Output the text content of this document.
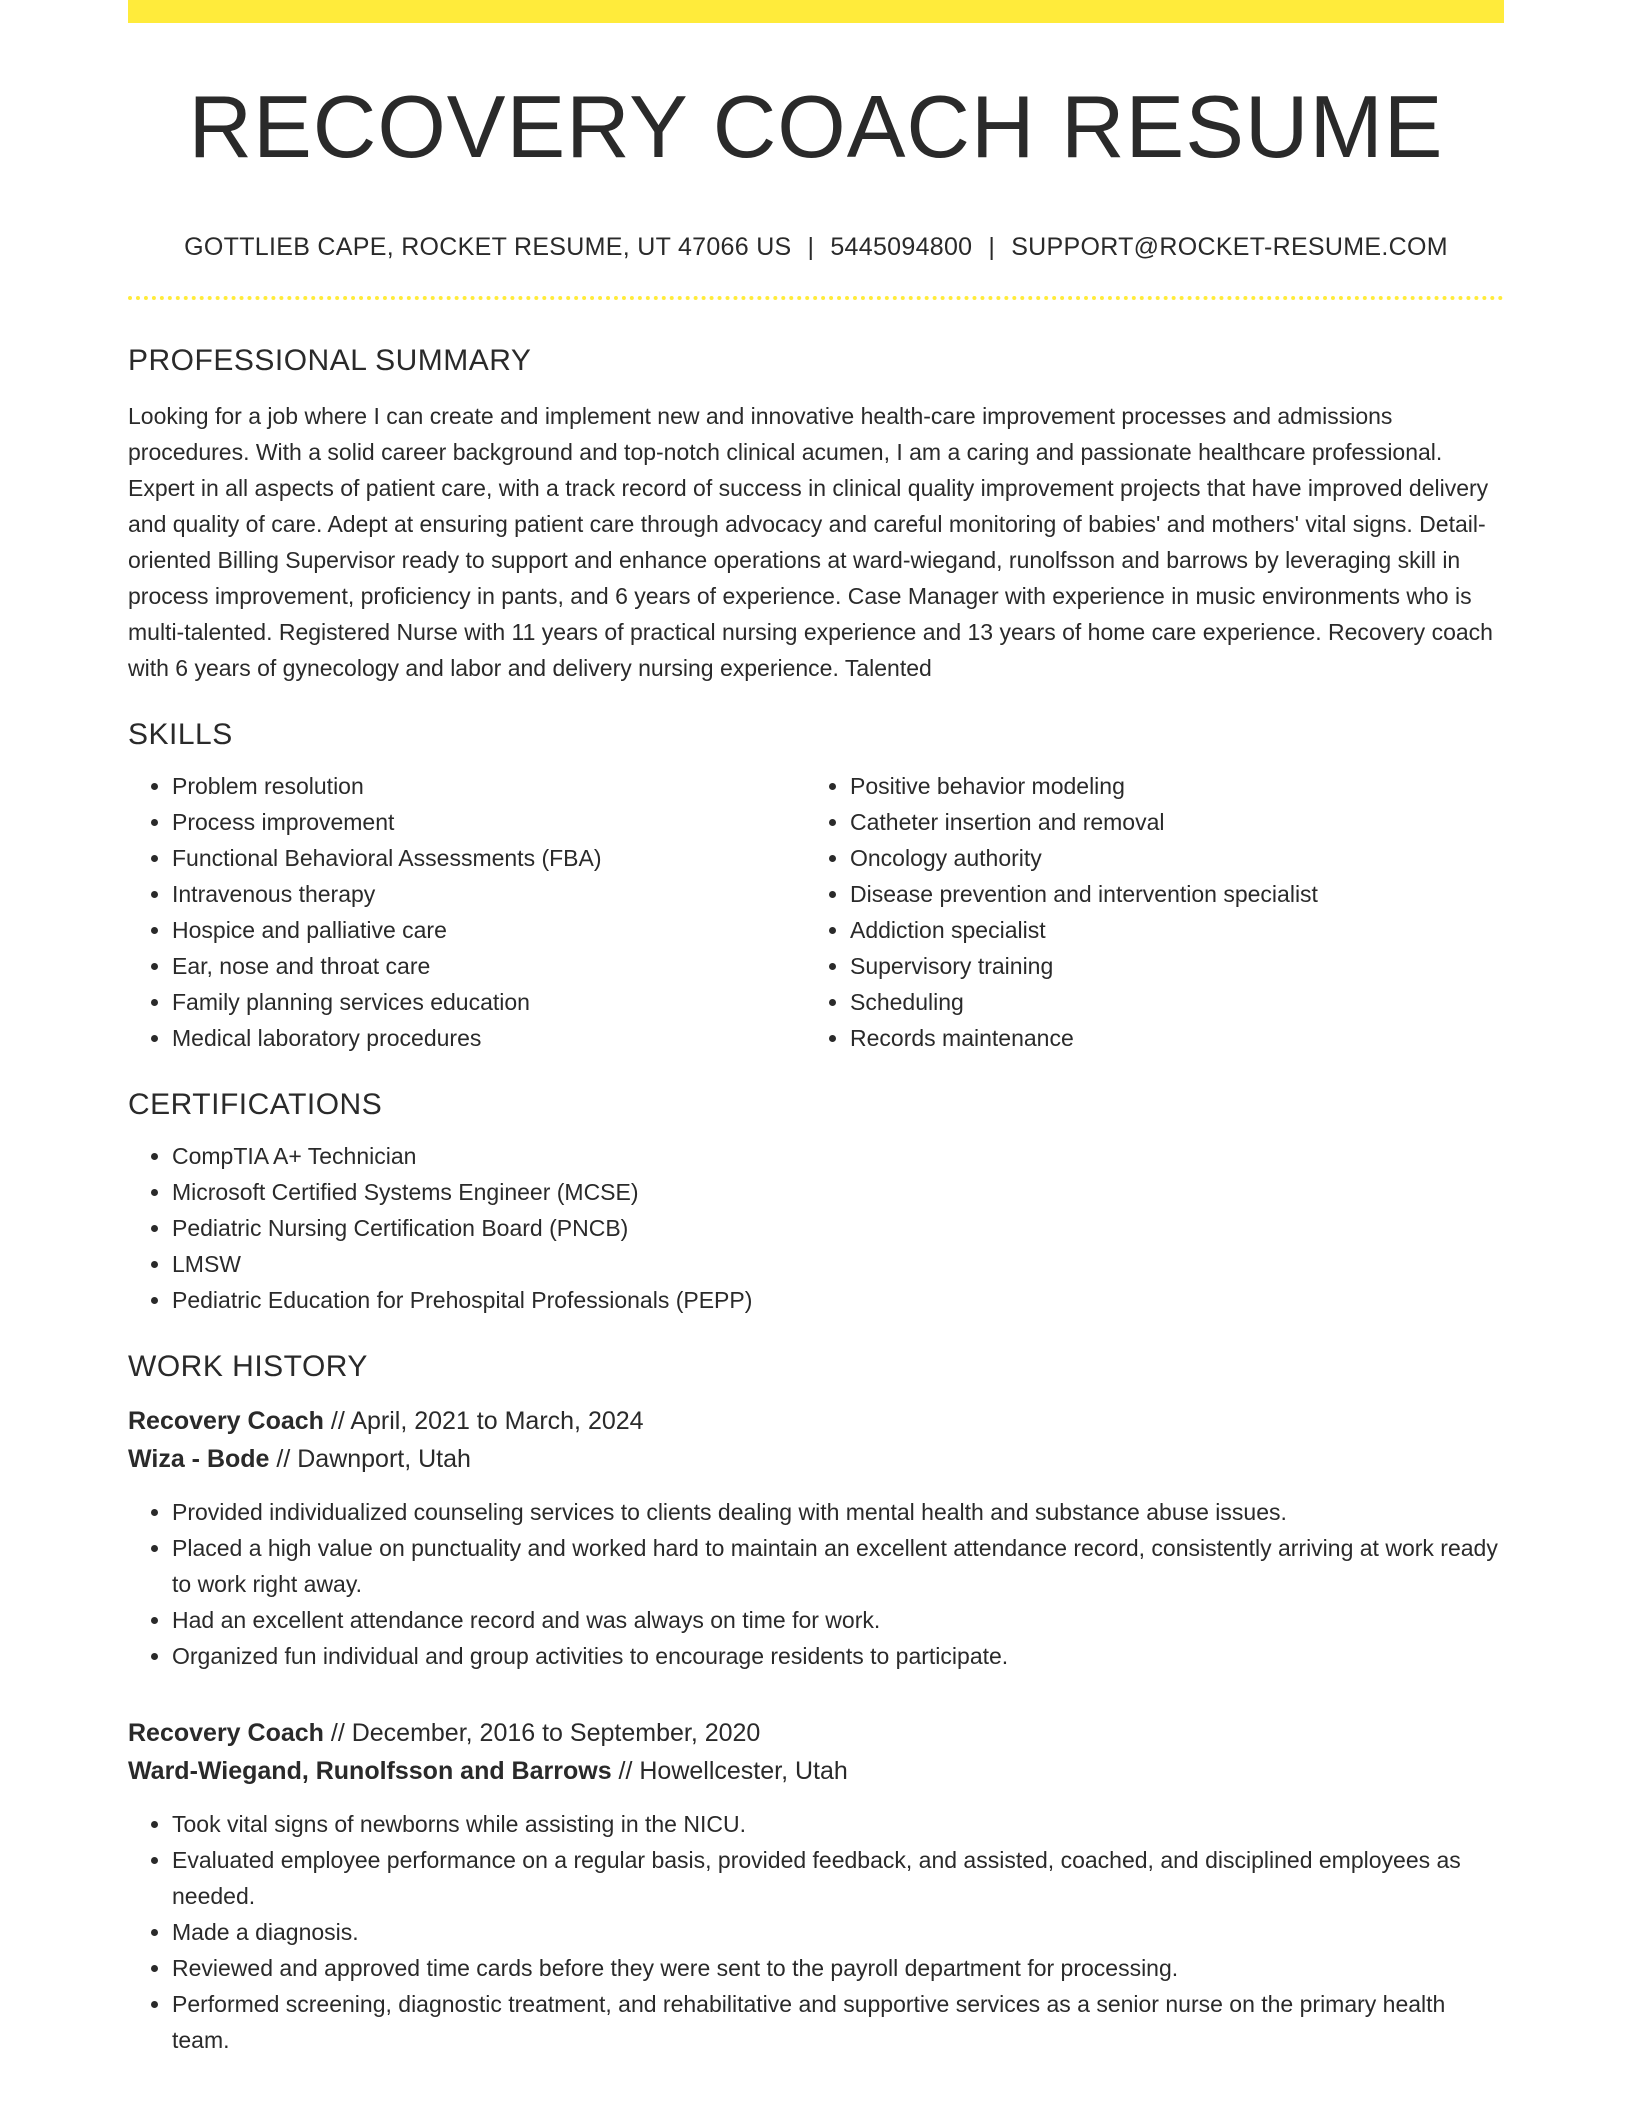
RECOVERY COACH RESUME
GOTTLIEB CAPE, ROCKET RESUME, UT 47066 US | 5445094800 | SUPPORT@ROCKET-RESUME.COM
PROFESSIONAL SUMMARY
Looking for a job where I can create and implement new and innovative health-care improvement processes and admissions procedures. With a solid career background and top-notch clinical acumen, I am a caring and passionate healthcare professional. Expert in all aspects of patient care, with a track record of success in clinical quality improvement projects that have improved delivery and quality of care. Adept at ensuring patient care through advocacy and careful monitoring of babies' and mothers' vital signs. Detail-oriented Billing Supervisor ready to support and enhance operations at ward-wiegand, runolfsson and barrows by leveraging skill in process improvement, proficiency in pants, and 6 years of experience. Case Manager with experience in music environments who is multi-talented. Registered Nurse with 11 years of practical nursing experience and 13 years of home care experience. Recovery coach with 6 years of gynecology and labor and delivery nursing experience. Talented
SKILLS
• Problem resolution
• Process improvement
• Functional Behavioral Assessments (FBA)
• Intravenous therapy
• Hospice and palliative care
• Ear, nose and throat care
• Family planning services education
• Medical laboratory procedures
• Positive behavior modeling
• Catheter insertion and removal
• Oncology authority
• Disease prevention and intervention specialist
• Addiction specialist
• Supervisory training
• Scheduling
• Records maintenance
CERTIFICATIONS
• CompTIA A+ Technician
• Microsoft Certified Systems Engineer (MCSE)
• Pediatric Nursing Certification Board (PNCB)
• LMSW
• Pediatric Education for Prehospital Professionals (PEPP)
WORK HISTORY
Recovery Coach // April, 2021 to March, 2024
Wiza - Bode // Dawnport, Utah
• Provided individualized counseling services to clients dealing with mental health and substance abuse issues.
• Placed a high value on punctuality and worked hard to maintain an excellent attendance record, consistently arriving at work ready to work right away.
• Had an excellent attendance record and was always on time for work.
• Organized fun individual and group activities to encourage residents to participate.
Recovery Coach // December, 2016 to September, 2020
Ward-Wiegand, Runolfsson and Barrows // Howellcester, Utah
• Took vital signs of newborns while assisting in the NICU.
• Evaluated employee performance on a regular basis, provided feedback, and assisted, coached, and disciplined employees as needed.
• Made a diagnosis.
• Reviewed and approved time cards before they were sent to the payroll department for processing.
• Performed screening, diagnostic treatment, and rehabilitative and supportive services as a senior nurse on the primary health team.
